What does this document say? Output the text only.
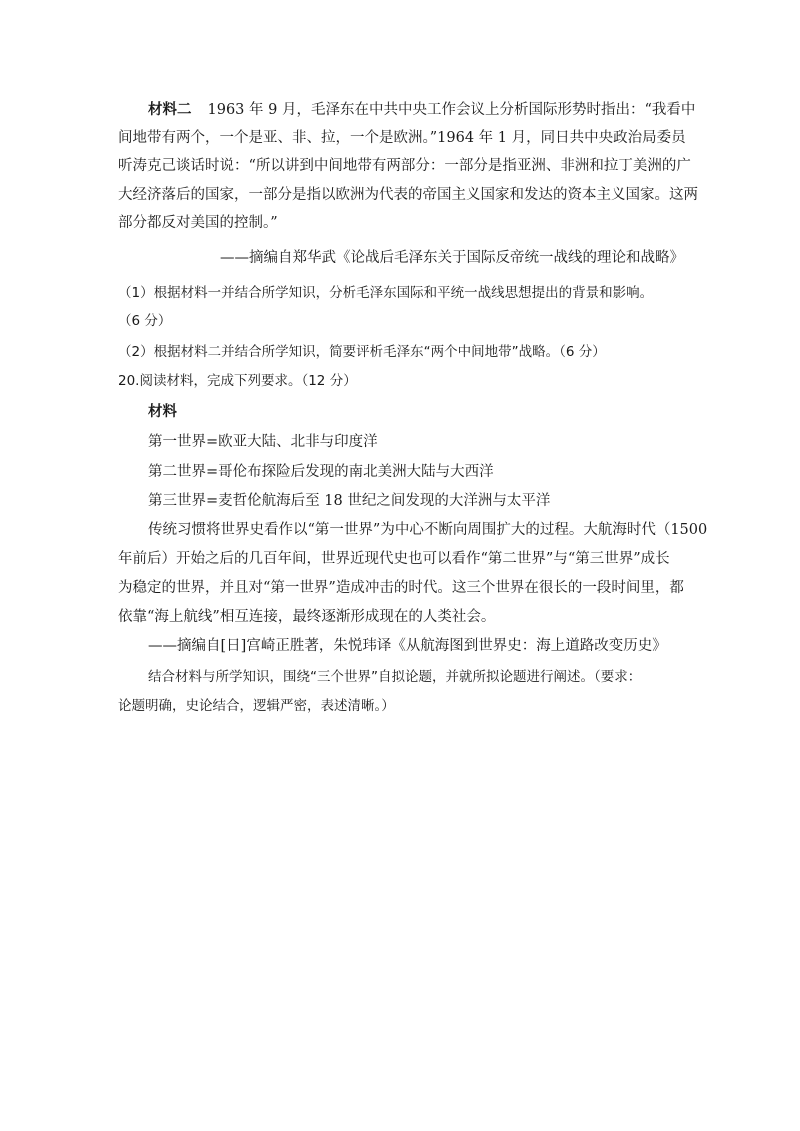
材料二 1963 年 9 月，毛泽东在中共中央工作会议上分析国际形势时指出：“我看中
间地带有两个，一个是亚、非、拉，一个是欧洲。”1964 年 1 月，同日共中央政治局委员
听涛克己谈话时说：“所以讲到中间地带有两部分：一部分是指亚洲、非洲和拉丁美洲的广
大经济落后的国家，一部分是指以欧洲为代表的帝国主义国家和发达的资本主义国家。这两
部分都反对美国的控制。”
——摘编自郑华武《论战后毛泽东关于国际反帝统一战线的理论和战略》
（1）根据材料一并结合所学知识，分析毛泽东国际和平统一战线思想提出的背景和影响。
（6 分）
（2）根据材料二并结合所学知识，简要评析毛泽东“两个中间地带”战略。（6 分）
20.阅读材料，完成下列要求。（12 分）
材料
第一世界=欧亚大陆、北非与印度洋
第二世界=哥伦布探险后发现的南北美洲大陆与大西洋
第三世界=麦哲伦航海后至 18 世纪之间发现的大洋洲与太平洋
传统习惯将世界史看作以“第一世界”为中心不断向周围扩大的过程。大航海时代（1500
年前后）开始之后的几百年间，世界近现代史也可以看作“第二世界”与“第三世界”成长
为稳定的世界，并且对“第一世界”造成冲击的时代。这三个世界在很长的一段时间里，都
依靠“海上航线”相互连接，最终逐渐形成现在的人类社会。
——摘编自[日]宫崎正胜著，朱悦玮译《从航海图到世界史：海上道路改变历史》
结合材料与所学知识，围绕“三个世界”自拟论题，并就所拟论题进行阐述。（要求：
论题明确，史论结合，逻辑严密，表述清晰。）
